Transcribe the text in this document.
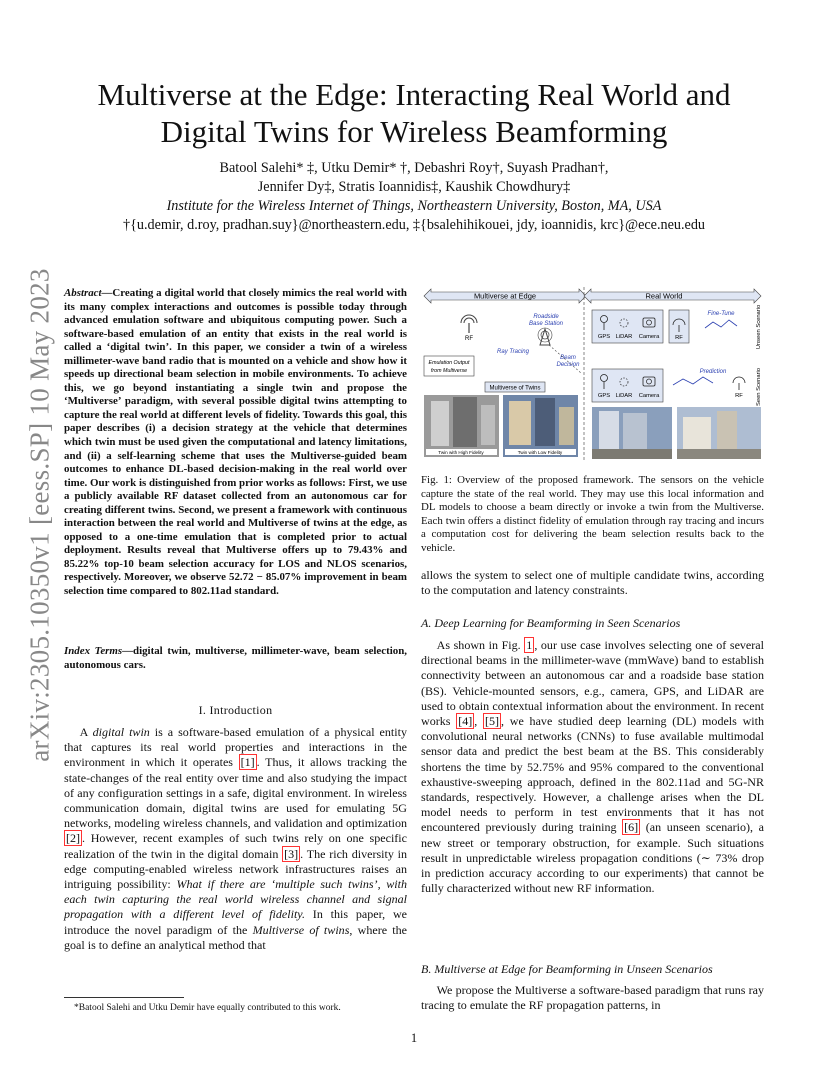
arXiv:2305.10350v1 [eess.SP] 10 May 2023
Multiverse at the Edge: Interacting Real World and
Digital Twins for Wireless Beamforming
Batool Salehi* ‡, Utku Demir* †, Debashri Roy†, Suyash Pradhan†,
Jennifer Dy‡, Stratis Ioannidis‡, Kaushik Chowdhury‡
Institute for the Wireless Internet of Things, Northeastern University, Boston, MA, USA
†{u.demir, d.roy, pradhan.suy}@northeastern.edu, ‡{bsalehihikouei, jdy, ioannidis, krc}@ece.neu.edu
Abstract—Creating a digital world that closely mimics the real world with its many complex interactions and outcomes is possible today through advanced emulation software and ubiquitous computing power. Such a software-based emulation of an entity that exists in the real world is called a ‘digital twin’. In this paper, we consider a twin of a wireless millimeter-wave band radio that is mounted on a vehicle and show how it speeds up directional beam selection in mobile environments. To achieve this, we go beyond instantiating a single twin and propose the ‘Multiverse’ paradigm, with several possible digital twins attempting to capture the real world at different levels of fidelity. Towards this goal, this paper describes (i) a decision strategy at the vehicle that determines which twin must be used given the computational and latency limitations, and (ii) a self-learning scheme that uses the Multiverse-guided beam outcomes to enhance DL-based decision-making in the real world over time. Our work is distinguished from prior works as follows: First, we use a publicly available RF dataset collected from an autonomous car for creating different twins. Second, we present a framework with continuous interaction between the real world and Multiverse of twins at the edge, as opposed to a one-time emulation that is completed prior to actual deployment. Results reveal that Multiverse offers up to 79.43% and 85.22% top-10 beam selection accuracy for LOS and NLOS scenarios, respectively. Moreover, we observe 52.72 − 85.07% improvement in beam selection time compared to 802.11ad standard.
Index Terms—digital twin, multiverse, millimeter-wave, beam selection, autonomous cars.
I. Introduction
A digital twin is a software-based emulation of a physical entity that captures its real world properties and interactions in the environment in which it operates [1] . Thus, it allows tracking the state-changes of the real entity over time and also studying the impact of any configuration settings in a safe, digital environment. In wireless communication domain, digital twins are used for emulating 5G networks, modeling wireless channels, and validation and optimization [2] . However, recent examples of such twins rely on one specific realization of the twin in the digital domain [3] . The rich diversity in edge computing-enabled wireless network infrastructures raises an intriguing possibility: What if there are ‘multiple such twins’, with each twin capturing the real world wireless channel and signal propagation with a different level of fidelity. In this paper, we introduce the novel paradigm of the Multiverse of twins, where the goal is to define an analytical method that
*Batool Salehi and Utku Demir have equally contributed to this work.
Multiverse at Edge	Real World
RF
Roadside
Base Station
Ray Tracing
Beam
Decision
Emulation Output
from Multiverse
Multiverse of Twins
Twin with High Fidelity	Twin with Low Fidelity
GPS LiDAR Camera	RF
Fine-Tune	Unseen Scenario
GPS LiDAR Camera
Prediction
RF Seen Scenario
Fig. 1: Overview of the proposed framework. The sensors on the vehicle capture the state of the real world. They may use this local information and DL models to choose a beam directly or invoke a twin from the Multiverse. Each twin offers a distinct fidelity of emulation through ray tracing and incurs a computation cost for delivering the beam selection results back to the vehicle.
allows the system to select one of multiple candidate twins, according to the computation and latency constraints.
A. Deep Learning for Beamforming in Seen Scenarios
As shown in Fig. 1 , our use case involves selecting one of several directional beams in the millimeter-wave (mmWave) band to establish connectivity between an autonomous car and a roadside base station (BS). Vehicle-mounted sensors, e.g., camera, GPS, and LiDAR are used to obtain contextual information about the environment. In recent works [4] , [5] , we have studied deep learning (DL) models with convolutional neural networks (CNNs) to fuse available multimodal sensor data and predict the best beam at the BS. This considerably shortens the time by 52.75% and 95% compared to the conventional exhaustive-sweeping approach, defined in the 802.11ad and 5G-NR standards, respectively. However, a challenge arises when the DL model needs to perform in test environments that it has not encountered previously during training [6] (an unseen scenario), a new street or temporary obstruction, for example. Such situations result in unpredictable wireless propagation conditions (∼ 73% drop in prediction accuracy according to our experiments) that cannot be fully characterized without new RF information.
B. Multiverse at Edge for Beamforming in Unseen Scenarios
We propose the Multiverse a software-based paradigm that runs ray tracing to emulate the RF propagation patterns, in
1
